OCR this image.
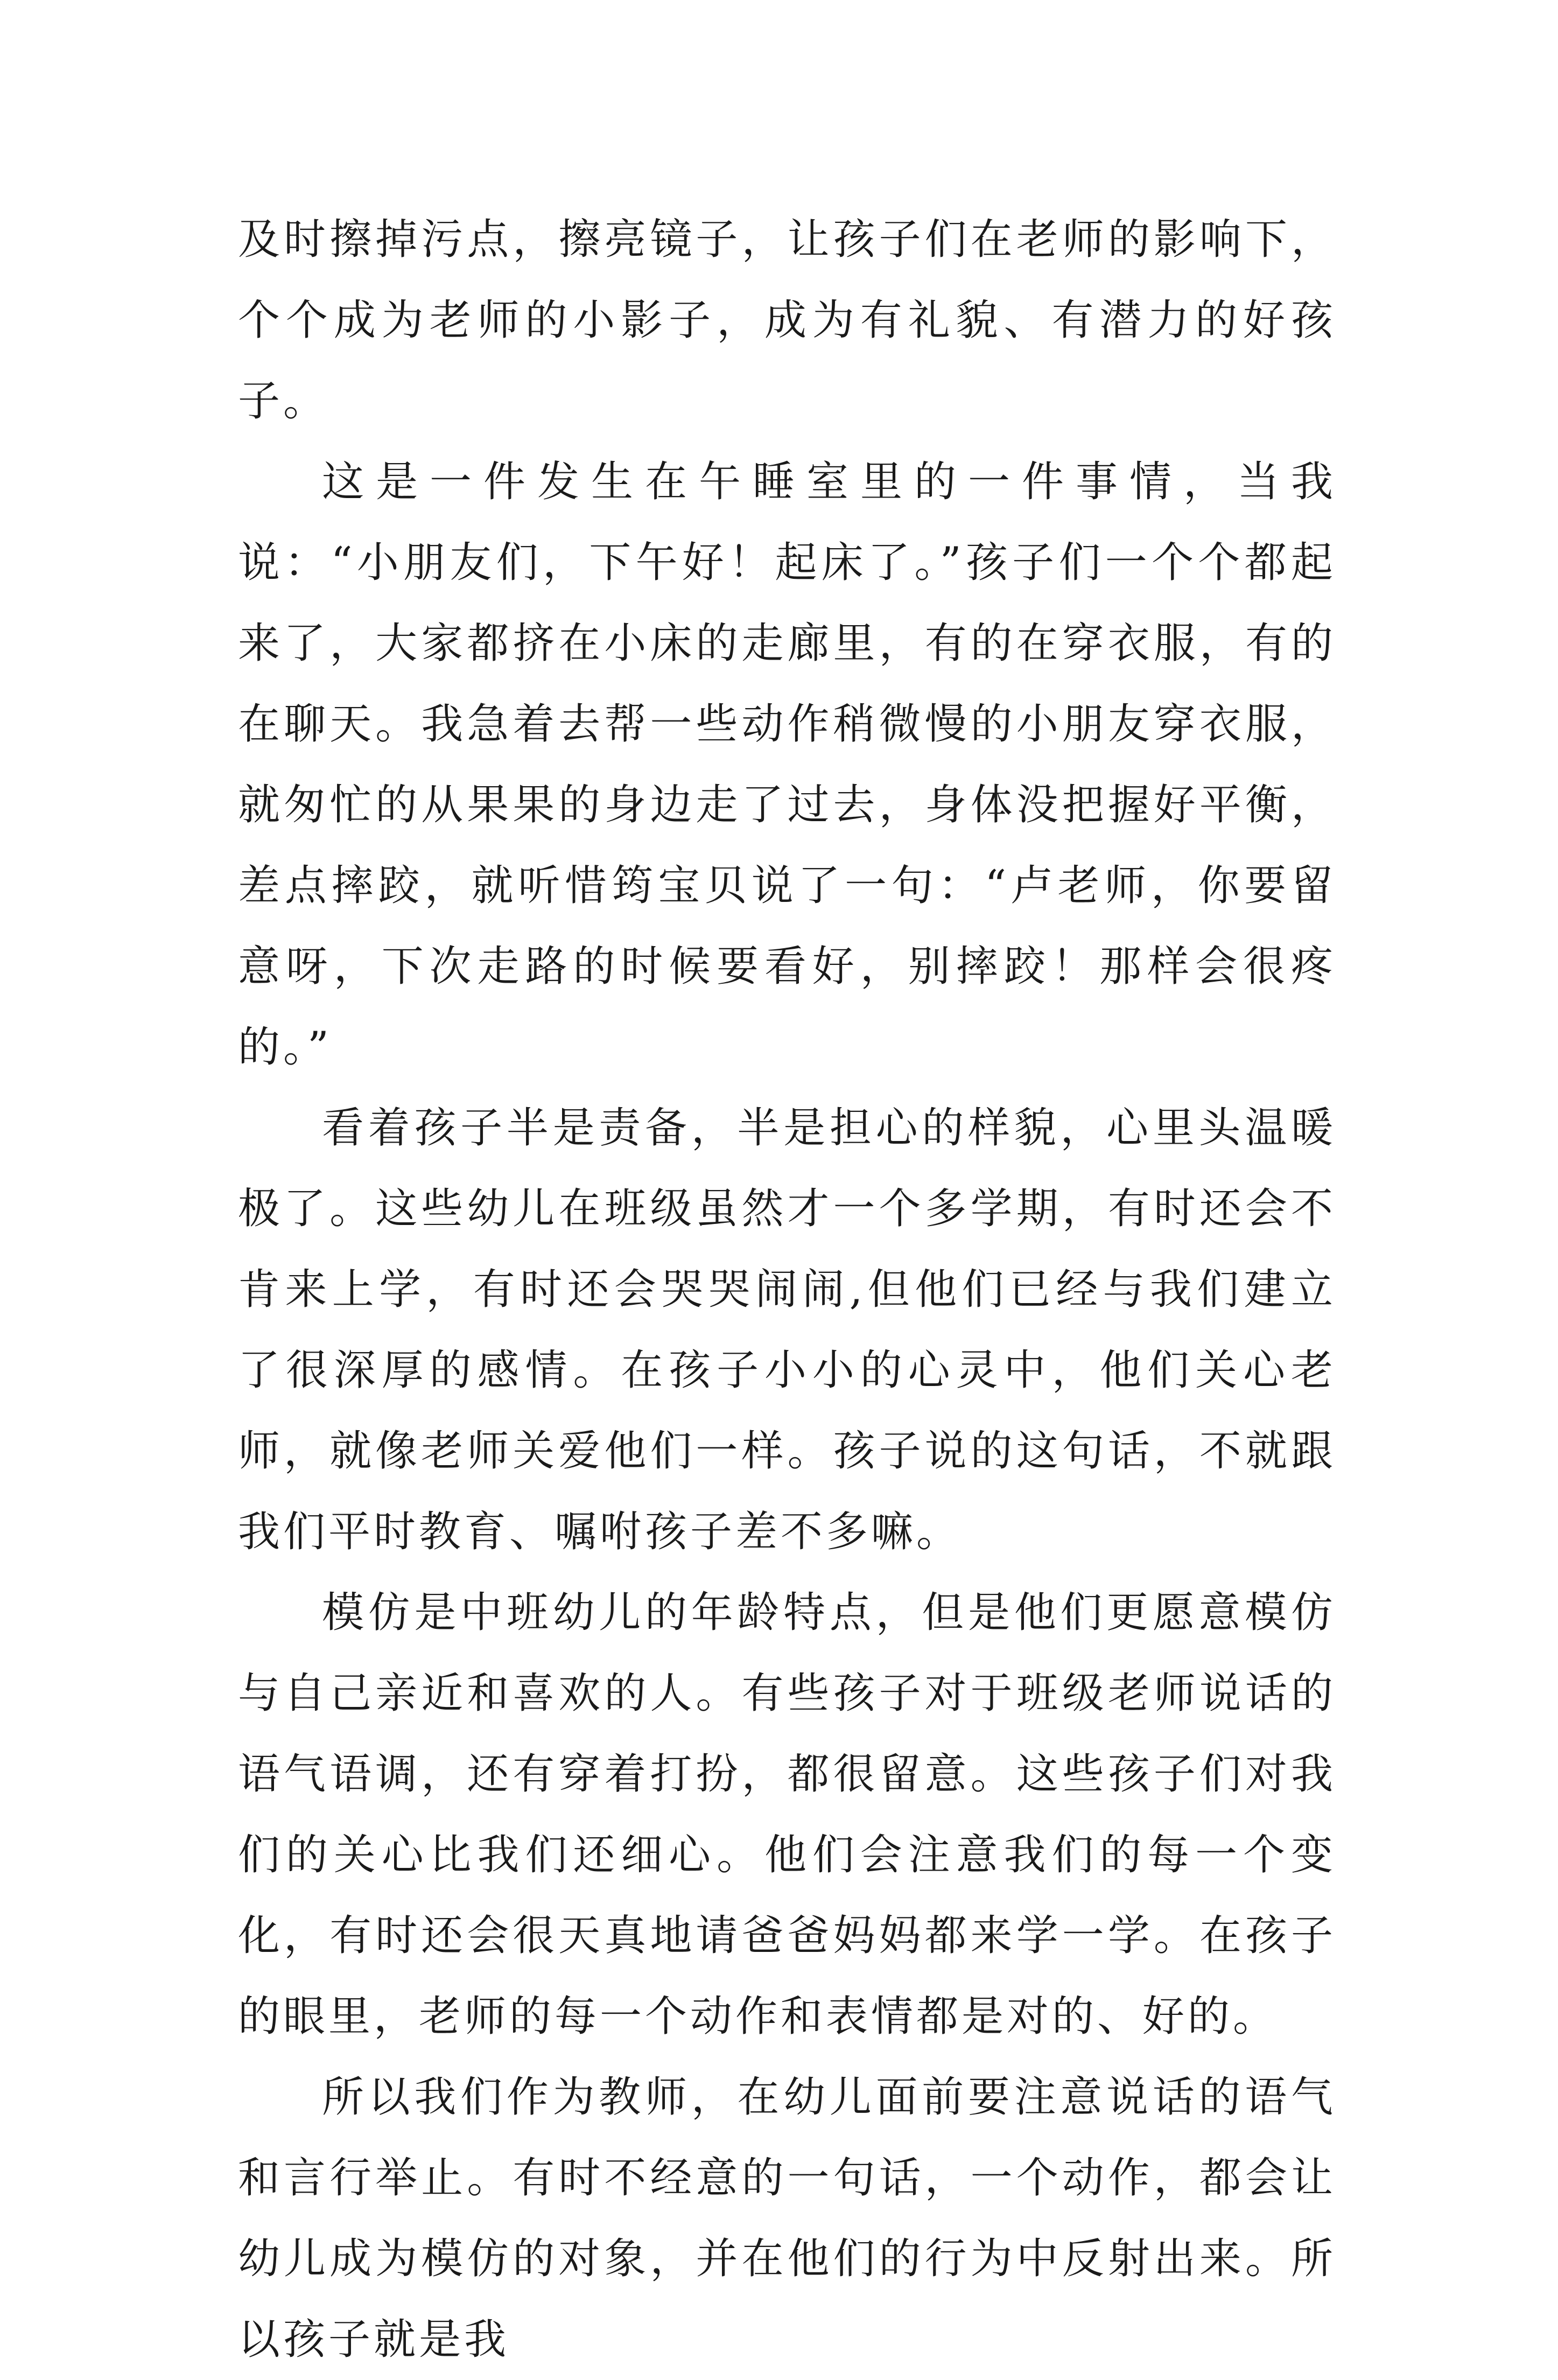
及时擦掉污点，擦亮镜子，让孩子们在老师的影响下，个个成为老师的小影子，成为有礼貌、有潜力的好孩子。

这是一件发生在午睡室里的一件事情，当我说：“小朋友们，下午好！起床了。”孩子们一个个都起来了，大家都挤在小床的走廊里，有的在穿衣服，有的在聊天。我急着去帮一些动作稍微慢的小朋友穿衣服，就匆忙的从果果的身边走了过去，身体没把握好平衡，差点摔跤，就听惜筠宝贝说了一句：“卢老师，你要留意呀，下次走路的时候要看好，别摔跤！那样会很疼的。”

看着孩子半是责备，半是担心的样貌，心里头温暖极了。这些幼儿在班级虽然才一个多学期，有时还会不肯来上学，有时还会哭哭闹闹,但他们已经与我们建立了很深厚的感情。在孩子小小的心灵中，他们关心老师，就像老师关爱他们一样。孩子说的这句话，不就跟我们平时教育、嘱咐孩子差不多嘛。

模仿是中班幼儿的年龄特点，但是他们更愿意模仿与自己亲近和喜欢的人。有些孩子对于班级老师说话的语气语调，还有穿着打扮，都很留意。这些孩子们对我们的关心比我们还细心。他们会注意我们的每一个变化，有时还会很天真地请爸爸妈妈都来学一学。在孩子的眼里，老师的每一个动作和表情都是对的、好的。

所以我们作为教师，在幼儿面前要注意说话的语气和言行举止。有时不经意的一句话，一个动作，都会让幼儿成为模仿的对象，并在他们的行为中反射出来。所以孩子就是我
